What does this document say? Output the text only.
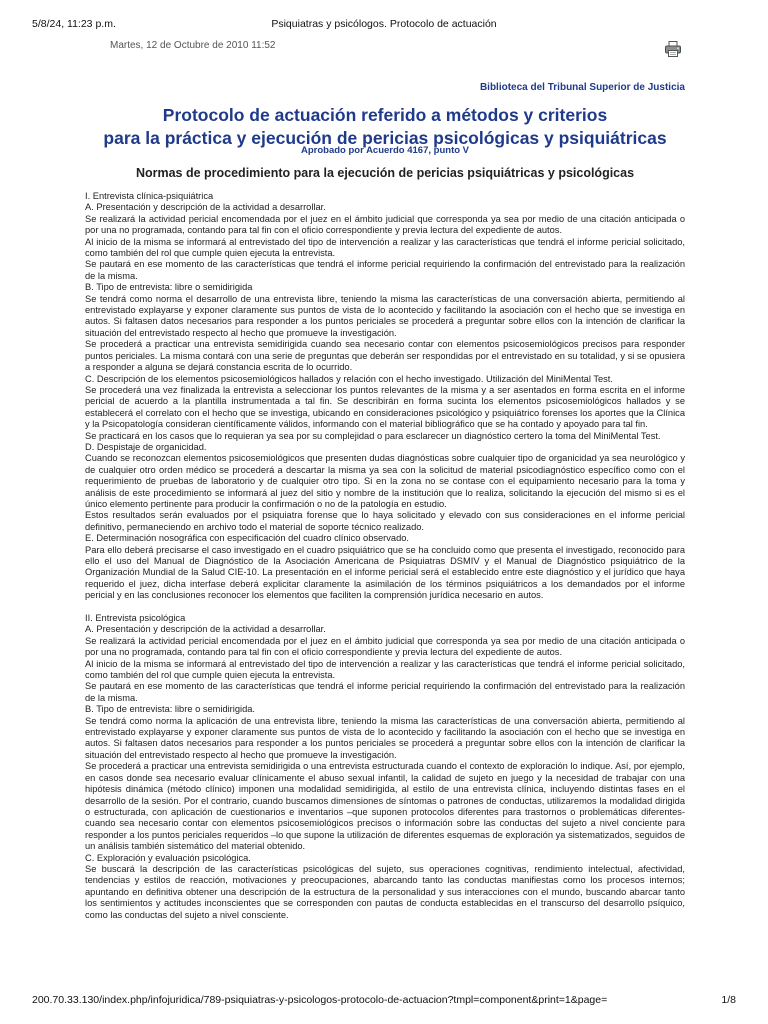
5/8/24, 11:23 p.m.	Psiquiatras y psicólogos. Protocolo de actuación
Martes, 12 de Octubre de 2010 11:52
Biblioteca del Tribunal Superior de Justicia
Protocolo de actuación referido a métodos y criterios
para la práctica y ejecución de pericias psicológicas y psiquiátricas
Aprobado por Acuerdo 4167, punto V
Normas de procedimiento para la ejecución de pericias psiquiátricas y psicológicas

I. Entrevista clínica-psiquiátrica

A. Presentación y descripción de la actividad a desarrollar.

Se realizará la actividad pericial encomendada por el juez en el ámbito judicial que corresponda ya sea por medio de una citación anticipada o por una no programada, contando para tal fin con el oficio correspondiente y previa lectura del expediente de autos.

Al inicio de la misma se informará al entrevistado del tipo de intervención a realizar y las características que tendrá el informe pericial solicitado, como también del rol que cumple quien ejecuta la entrevista.

Se pautará en ese momento de las características que tendrá el informe pericial requiriendo la confirmación del entrevistado para la realización de la misma.

B. Tipo de entrevista: libre o semidirigida

Se tendrá como norma el desarrollo de una entrevista libre, teniendo la misma las características de una conversación abierta, permitiendo al entrevistado explayarse y exponer claramente sus puntos de vista de lo acontecido y facilitando la asociación con el hecho que se investiga en autos. Si faltasen datos necesarios para responder a los puntos periciales se procederá a preguntar sobre ellos con la intención de clarificar la situación del entrevistado respecto al hecho que promueve la investigación.

Se procederá a practicar una entrevista semidirigida cuando sea necesario contar con elementos psicosemiológicos precisos para responder puntos periciales. La misma contará con una serie de preguntas que deberán ser respondidas por el entrevistado en su totalidad, y si se opusiera a responder a alguna se dejará constancia escrita de lo ocurrido.

C. Descripción de los elementos psicosemiológicos hallados y relación con el hecho investigado. Utilización del MiniMental Test.

Se procederá una vez finalizada la entrevista a seleccionar los puntos relevantes de la misma y a ser asentados en forma escrita en el informe pericial de acuerdo a la plantilla instrumentada a tal fin. Se describirán en forma sucinta los elementos psicosemiológicos hallados y se establecerá el correlato con el hecho que se investiga, ubicando en consideraciones psicológico y psiquiátrico forenses los aportes que la Clínica y la Psicopatología consideran científicamente válidos, informando con el material bibliográfico que se ha contado y apoyado para tal fin.

Se practicará en los casos que lo requieran ya sea por su complejidad o para esclarecer un diagnóstico certero la toma del MiniMental Test.

D. Despistaje de organicidad.

Cuando se reconozcan elementos psicosemiológicos que presenten dudas diagnósticas sobre cualquier tipo de organicidad ya sea neurológico y de cualquier otro orden médico se procederá a descartar la misma ya sea con la solicitud de material psicodiagnóstico específico como con el requerimiento de pruebas de laboratorio y de cualquier otro tipo. Si en la zona no se contase con el equipamiento necesario para la toma y análisis de este procedimiento se informará al juez del sitio y nombre de la institución que lo realiza, solicitando la ejecución del mismo si es el único elemento pertinente para producir la confirmación o no de la patología en estudio.

Estos resultados serán evaluados por el psiquiatra forense que lo haya solicitado y elevado con sus consideraciones en el informe pericial definitivo, permaneciendo en archivo todo el material de soporte técnico realizado.

E. Determinación nosográfica con especificación del cuadro clínico observado.

Para ello deberá precisarse el caso investigado en el cuadro psiquiátrico que se ha concluido como que presenta el investigado, reconocido para ello el uso del Manual de Diagnóstico de la Asociación Americana de Psiquiatras DSMIV y el Manual de Diagnóstico psiquiátrico de la Organización Mundial de la Salud CIE-10. La presentación en el informe pericial será el establecido entre este diagnóstico y el jurídico que haya requerido el juez, dicha interfase deberá explicitar claramente la asimilación de los términos psiquiátricos a los demandados por el informe pericial y en las conclusiones reconocer los elementos que faciliten la comprensión jurídica necesario en autos.

II. Entrevista psicológica

A. Presentación y descripción de la actividad a desarrollar.

Se realizará la actividad pericial encomendada por el juez en el ámbito judicial que corresponda ya sea por medio de una citación anticipada o por una no programada, contando para tal fin con el oficio correspondiente y previa lectura del expediente de autos.

Al inicio de la misma se informará al entrevistado del tipo de intervención a realizar y las características que tendrá el informe pericial solicitado, como también del rol que cumple quien ejecuta la entrevista.

Se pautará en ese momento de las características que tendrá el informe pericial requiriendo la confirmación del entrevistado para la realización de la misma.

B. Tipo de entrevista: libre o semidirigida.

Se tendrá como norma la aplicación de una entrevista libre, teniendo la misma las características de una conversación abierta, permitiendo al entrevistado explayarse y exponer claramente sus puntos de vista de lo acontecido y facilitando la asociación con el hecho que se investiga en autos. Si faltasen datos necesarios para responder a los puntos periciales se procederá a preguntar sobre ellos con la intención de clarificar la situación del entrevistado respecto al hecho que promueve la investigación.

Se procederá a practicar una entrevista semidirigida o una entrevista estructurada cuando el contexto de exploración lo indique. Así, por ejemplo, en casos donde sea necesario evaluar clínicamente el abuso sexual infantil, la calidad de sujeto en juego y la necesidad de trabajar con una hipótesis dinámica (método clínico) imponen una modalidad semidirigida, al estilo de una entrevista clínica, incluyendo distintas fases en el desarrollo de la sesión. Por el contrario, cuando buscamos dimensiones de síntomas o patrones de conductas, utilizaremos la modalidad dirigida o estructurada, con aplicación de cuestionarios e inventarios –que suponen protocolos diferentes para trastornos o problemáticas diferentes- cuando sea necesario contar con elementos psicosemiológicos precisos o información sobre las conductas del sujeto a nivel conciente para responder a los puntos periciales requeridos –lo que supone la utilización de diferentes esquemas de exploración ya sistematizados, seguidos de un análisis también sistemático del material obtenido.

C. Exploración y evaluación psicológica.

Se buscará la descripción de las características psicológicas del sujeto, sus operaciones cognitivas, rendimiento intelectual, afectividad, tendencias y estilos de reacción, motivaciones y preocupaciones, abarcando tanto las conductas manifiestas como los procesos internos; apuntando en definitiva obtener una descripción de la estructura de la personalidad y sus interacciones con el mundo, buscando abarcar tanto los sentimientos y actitudes inconscientes que se corresponden con pautas de conducta establecidas en el transcurso del desarrollo psíquico, como las conductas del sujeto a nivel consciente.

200.70.33.130/index.php/infojuridica/789-psiquiatras-y-psicologos-protocolo-de-actuacion?tmpl=component&print=1&page=	1/8
